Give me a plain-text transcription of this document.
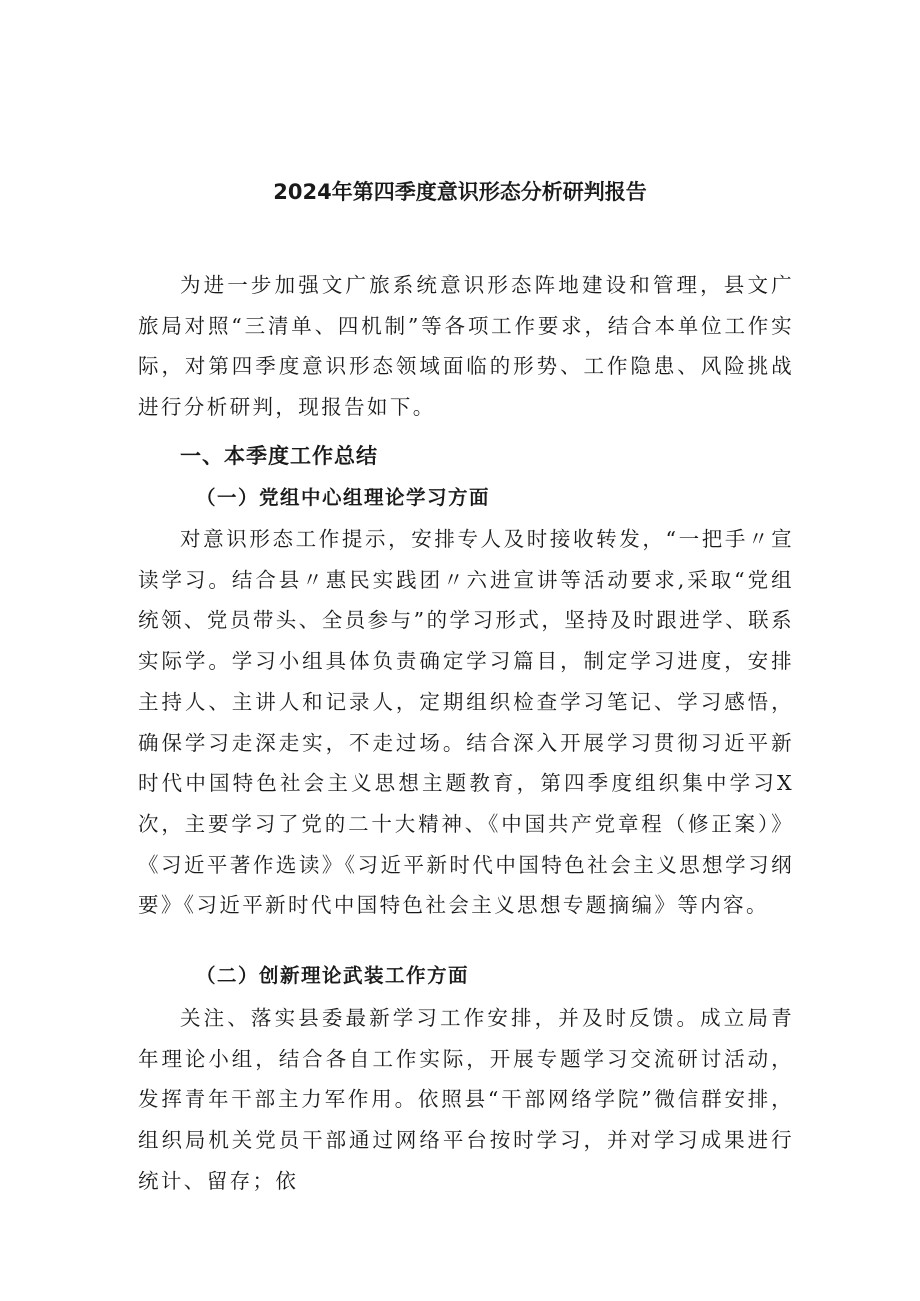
2024年第四季度意识形态分析研判报告

为进一步加强文广旅系统意识形态阵地建设和管理，县文广旅局对照“三清单、四机制”等各项工作要求，结合本单位工作实际，对第四季度意识形态领域面临的形势、工作隐患、风险挑战进行分析研判，现报告如下。

一、本季度工作总结
（一）党组中心组理论学习方面

对意识形态工作提示，安排专人及时接收转发，“一把手〃宣读学习。结合县〃惠民实践团〃六进宣讲等活动要求,采取“党组统领、党员带头、全员参与”的学习形式，坚持及时跟进学、联系实际学。学习小组具体负责确定学习篇目，制定学习进度，安排主持人、主讲人和记录人，定期组织检查学习笔记、学习感悟，确保学习走深走实，不走过场。结合深入开展学习贯彻习近平新时代中国特色社会主义思想主题教育，第四季度组织集中学习X次，主要学习了党的二十大精神、《中国共产党章程（修正案）》《习近平著作选读》《习近平新时代中国特色社会主义思想学习纲要》《习近平新时代中国特色社会主义思想专题摘编》等内容。

（二）创新理论武装工作方面

关注、落实县委最新学习工作安排，并及时反馈。成立局青年理论小组，结合各自工作实际，开展专题学习交流研讨活动，发挥青年干部主力军作用。依照县“干部网络学院”微信群安排，组织局机关党员干部通过网络平台按时学习，并对学习成果进行统计、留存；依
